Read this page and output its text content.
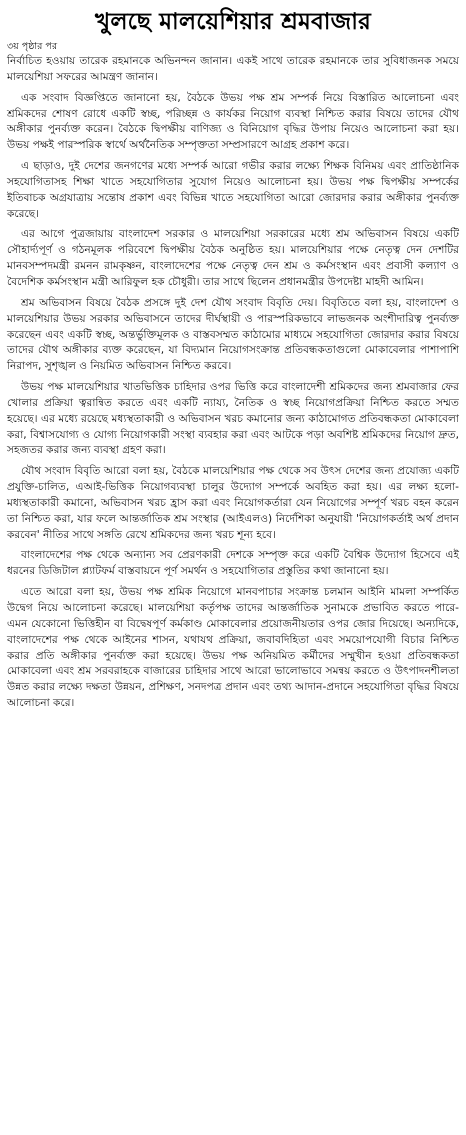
খুলছে মালয়েশিয়ার শ্রমবাজার
৩য় পৃষ্ঠার পর

নির্বাচিত হওয়ায় তারেক রহমানকে অভিনন্দন জানান। একই সাথে তারেক রহমানকে তার সুবিধাজনক সময়ে মালয়েশিয়া সফরের আমন্ত্রণ জানান।

এক সংবাদ বিজ্ঞপ্তিতে জানানো হয়, বৈঠকে উভয় পক্ষ শ্রম সম্পর্ক নিয়ে বিস্তারিত আলোচনা এবং শ্রমিকদের শোষণ রোধে একটি স্বচ্ছ, পরিচ্ছন্ন ও কার্যকর নিয়োগ ব্যবস্থা নিশ্চিত করার বিষয়ে তাদের যৌথ অঙ্গীকার পুনর্ব্যক্ত করেন। বৈঠকে দ্বিপক্ষীয় বাণিজ্য ও বিনিয়োগ বৃদ্ধির উপায় নিয়েও আলোচনা করা হয়। উভয় পক্ষই পারস্পরিক স্বার্থে অর্থনৈতিক সম্পৃক্ততা সম্প্রসারণে আগ্রহ প্রকাশ করে।

এ ছাড়াও, দুই দেশের জনগণের মধ্যে সম্পর্ক আরো গভীর করার লক্ষ্যে শিক্ষক বিনিময় এবং প্রাতিষ্ঠানিক সহযোগিতাসহ শিক্ষা খাতে সহযোগিতার সুযোগ নিয়েও আলোচনা হয়। উভয় পক্ষ দ্বিপক্ষীয় সম্পর্কের ইতিবাচক অগ্রযাত্রায় সন্তোষ প্রকাশ এবং বিভিন্ন খাতে সহযোগিতা আরো জোরদার করার অঙ্গীকার পুনর্ব্যক্ত করেছে।

এর আগে পুত্রজায়ায় বাংলাদেশ সরকার ও মালয়েশিয়া সরকারের মধ্যে শ্রম অভিবাসন বিষয়ে একটি সৌহার্দ্যপূর্ণ ও গঠনমূলক পরিবেশে দ্বিপক্ষীয় বৈঠক অনুষ্ঠিত হয়। মালয়েশিয়ার পক্ষে নেতৃত্ব দেন দেশটির মানবসম্পদমন্ত্রী রমনন রামকৃষ্ণন, বাংলাদেশের পক্ষে নেতৃত্ব দেন শ্রম ও কর্মসংস্থান এবং প্রবাসী কল্যাণ ও বৈদেশিক কর্মসংস্থান মন্ত্রী আরিফুল হক চৌধুরী। তার সাথে ছিলেন প্রধানমন্ত্রীর উপদেষ্টা মাহদী আমিন।

শ্রম অভিবাসন বিষয়ে বৈঠক প্রসঙ্গে দুই দেশ যৌথ সংবাদ বিবৃতি দেয়। বিবৃতিতে বলা হয়, বাংলাদেশ ও মালয়েশিয়ার উভয় সরকার অভিবাসনে তাদের দীর্ঘস্থায়ী ও পারস্পরিকভাবে লাভজনক অংশীদারিত্ব পুনর্ব্যক্ত করেছেন এবং একটি স্বচ্ছ, অন্তর্ভুক্তিমূলক ও বাস্তবসম্মত কাঠামোর মাধ্যমে সহযোগিতা জোরদার করার বিষয়ে তাদের যৌথ অঙ্গীকার ব্যক্ত করেছেন, যা বিদ্যমান নিয়োগসংক্রান্ত প্রতিবন্ধকতাগুলো মোকাবেলার পাশাপাশি নিরাপদ, সুশৃঙ্খল ও নিয়মিত অভিবাসন নিশ্চিত করবে।

উভয় পক্ষ মালয়েশিয়ার খাতভিত্তিক চাহিদার ওপর ভিত্তি করে বাংলাদেশী শ্রমিকদের জন্য শ্রমবাজার ফের খোলার প্রক্রিয়া ত্বরান্বিত করতে এবং একটি ন্যায্য, নৈতিক ও স্বচ্ছ নিয়োগপ্রক্রিয়া নিশ্চিত করতে সম্মত হয়েছে। এর মধ্যে রয়েছে মধ্যস্থতাকারী ও অভিবাসন খরচ কমানোর জন্য কাঠামোগত প্রতিবন্ধকতা মোকাবেলা করা, বিশ্বাসযোগ্য ও যোগ্য নিয়োগকারী সংস্থা ব্যবহার করা এবং আটকে পড়া অবশিষ্ট শ্রমিকদের নিয়োগ দ্রুত, সহজতর করার জন্য ব্যবস্থা গ্রহণ করা।

যৌথ সংবাদ বিবৃতি আরো বলা হয়, বৈঠকে মালয়েশিয়ার পক্ষ থেকে সব উৎস দেশের জন্য প্রযোজ্য একটি প্রযুক্তি-চালিত, এআই-ভিত্তিক নিয়োগব্যবস্থা চালুর উদ্যোগ সম্পর্কে অবহিত করা হয়। এর লক্ষ্য হলো- মধ্যস্থতাকারী কমানো, অভিবাসন খরচ হ্রাস করা এবং নিয়োগকর্তারা যেন নিয়োগের সম্পূর্ণ খরচ বহন করেন তা নিশ্চিত করা, যার ফলে আন্তর্জাতিক শ্রম সংস্থার (আইএলও) নির্দেশিকা অনুযায়ী 'নিয়োগকর্তাই অর্থ প্রদান করবেন' নীতির সাথে সঙ্গতি রেখে শ্রমিকদের জন্য খরচ শূন্য হবে।

বাংলাদেশের পক্ষ থেকে অন্যান্য সব প্রেরণকারী দেশকে সম্পৃক্ত করে একটি বৈশ্বিক উদ্যোগ হিসেবে এই ধরনের ডিজিটাল প্ল্যাটফর্ম বাস্তবায়নে পূর্ণ সমর্থন ও সহযোগিতার প্রস্তুতির কথা জানানো হয়।

এতে আরো বলা হয়, উভয় পক্ষ শ্রমিক নিয়োগে মানবপাচার সংক্রান্ত চলমান আইনি মামলা সম্পর্কিত উদ্বেগ নিয়ে আলোচনা করেছে। মালয়েশিয়া কর্তৃপক্ষ তাদের আন্তর্জাতিক সুনামকে প্রভাবিত করতে পারে- এমন যেকোনো ভিত্তিহীন বা বিদ্বেষপূর্ণ কর্মকাণ্ড মোকাবেলার প্রয়োজনীয়তার ওপর জোর দিয়েছে। অন্যদিকে, বাংলাদেশের পক্ষ থেকে আইনের শাসন, যথাযথ প্রক্রিয়া, জবাবদিহিতা এবং সময়োপযোগী বিচার নিশ্চিত করার প্রতি অঙ্গীকার পুনর্ব্যক্ত করা হয়েছে। উভয় পক্ষ অনিয়মিত কর্মীদের সম্মুখীন হওয়া প্রতিবন্ধকতা মোকাবেলা এবং শ্রম সরবরাহকে বাজারের চাহিদার সাথে আরো ভালোভাবে সমন্বয় করতে ও উৎপাদনশীলতা উন্নত করার লক্ষ্যে দক্ষতা উন্নয়ন, প্রশিক্ষণ, সনদপত্র প্রদান এবং তথ্য আদান-প্রদানে সহযোগিতা বৃদ্ধির বিষয়ে আলোচনা করে।
